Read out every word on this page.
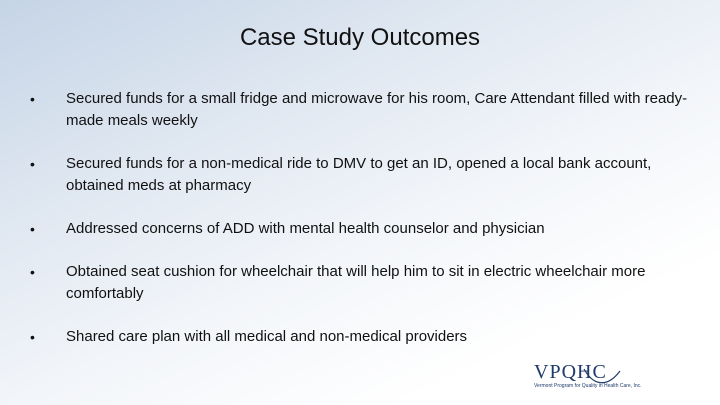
Case Study Outcomes
•	Secured funds for a small fridge and microwave for his room, Care Attendant filled with ready-made meals weekly
•	Secured funds for a non-medical ride to DMV to get an ID, opened a local bank account, obtained meds at pharmacy
•	Addressed concerns of ADD with mental health counselor and physician
•	Obtained seat cushion for wheelchair that will help him to sit in electric wheelchair more comfortably
•	Shared care plan with all medical and non-medical providers
VPQHC
Vermont Program for Quality in Health Care, Inc.
